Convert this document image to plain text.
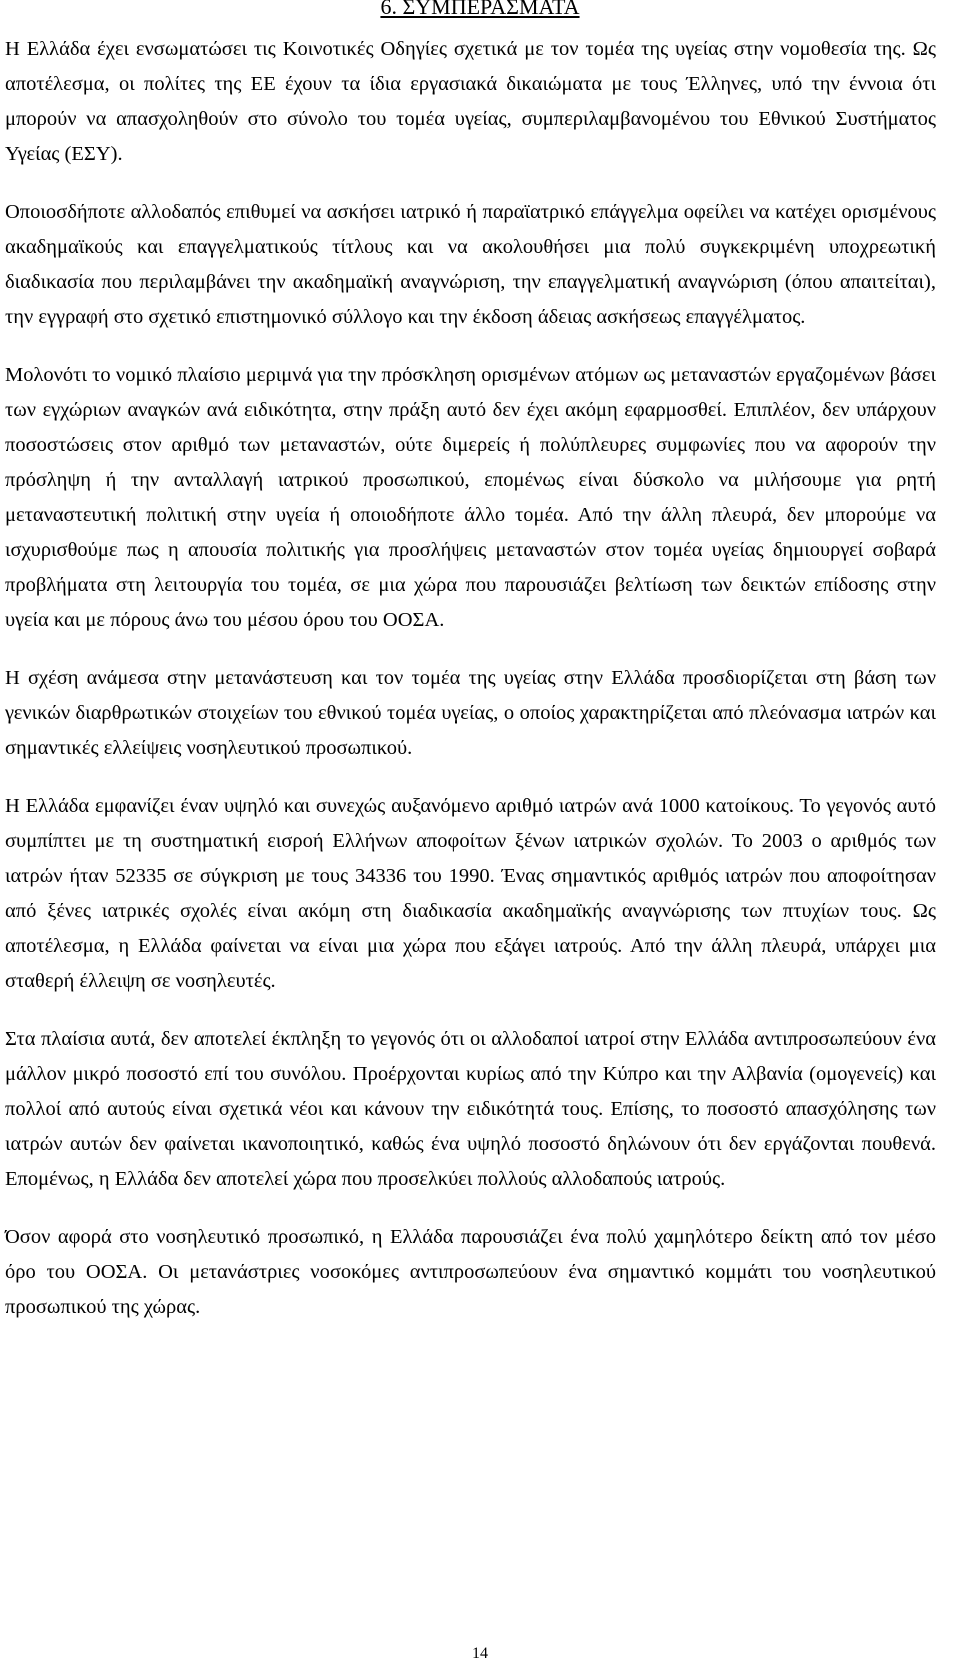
6. ΣΥΜΠΕΡΑΣΜΑΤΑ

Η Ελλάδα έχει ενσωματώσει τις Κοινοτικές Οδηγίες σχετικά με τον τομέα της υγείας στην νομοθεσία της. Ως αποτέλεσμα, οι πολίτες της ΕΕ έχουν τα ίδια εργασιακά δικαιώματα με τους Έλληνες, υπό την έννοια ότι μπορούν να απασχοληθούν στο σύνολο του τομέα υγείας, συμπεριλαμβανομένου του Εθνικού Συστήματος Υγείας (ΕΣΥ).

Οποιοσδήποτε αλλοδαπός επιθυμεί να ασκήσει ιατρικό ή παραϊατρικό επάγγελμα οφείλει να κατέχει ορισμένους ακαδημαϊκούς και επαγγελματικούς τίτλους και να ακολουθήσει μια πολύ συγκεκριμένη υποχρεωτική διαδικασία που περιλαμβάνει την ακαδημαϊκή αναγνώριση, την επαγγελματική αναγνώριση (όπου απαιτείται), την εγγραφή στο σχετικό επιστημονικό σύλλογο και την έκδοση άδειας ασκήσεως επαγγέλματος.

Μολονότι το νομικό πλαίσιο μεριμνά για την πρόσκληση ορισμένων ατόμων ως μεταναστών εργαζομένων βάσει των εγχώριων αναγκών ανά ειδικότητα, στην πράξη αυτό δεν έχει ακόμη εφαρμοσθεί. Επιπλέον, δεν υπάρχουν ποσοστώσεις στον αριθμό των μεταναστών, ούτε διμερείς ή πολύπλευρες συμφωνίες που να αφορούν την πρόσληψη ή την ανταλλαγή ιατρικού προσωπικού, επομένως είναι δύσκολο να μιλήσουμε για ρητή μεταναστευτική πολιτική στην υγεία ή οποιοδήποτε άλλο τομέα. Από την άλλη πλευρά, δεν μπορούμε να ισχυρισθούμε πως η απουσία πολιτικής για προσλήψεις μεταναστών στον τομέα υγείας δημιουργεί σοβαρά προβλήματα στη λειτουργία του τομέα, σε μια χώρα που παρουσιάζει βελτίωση των δεικτών επίδοσης στην υγεία και με πόρους άνω του μέσου όρου του ΟΟΣΑ.

Η σχέση ανάμεσα στην μετανάστευση και τον τομέα της υγείας στην Ελλάδα προσδιορίζεται στη βάση των γενικών διαρθρωτικών στοιχείων του εθνικού τομέα υγείας, ο οποίος χαρακτηρίζεται από πλεόνασμα ιατρών και σημαντικές ελλείψεις νοσηλευτικού προσωπικού.

Η Ελλάδα εμφανίζει έναν υψηλό και συνεχώς αυξανόμενο αριθμό ιατρών ανά 1000 κατοίκους. Το γεγονός αυτό συμπίπτει με τη συστηματική εισροή Ελλήνων αποφοίτων ξένων ιατρικών σχολών. Το 2003 ο αριθμός των ιατρών ήταν 52335 σε σύγκριση με τους 34336 του 1990. Ένας σημαντικός αριθμός ιατρών που αποφοίτησαν από ξένες ιατρικές σχολές είναι ακόμη στη διαδικασία ακαδημαϊκής αναγνώρισης των πτυχίων τους. Ως αποτέλεσμα, η Ελλάδα φαίνεται να είναι μια χώρα που εξάγει ιατρούς. Από την άλλη πλευρά, υπάρχει μια σταθερή έλλειψη σε νοσηλευτές.

Στα πλαίσια αυτά, δεν αποτελεί έκπληξη το γεγονός ότι οι αλλοδαποί ιατροί στην Ελλάδα αντιπροσωπεύουν ένα μάλλον μικρό ποσοστό επί του συνόλου. Προέρχονται κυρίως από την Κύπρο και την Αλβανία (ομογενείς) και πολλοί από αυτούς είναι σχετικά νέοι και κάνουν την ειδικότητά τους. Επίσης, το ποσοστό απασχόλησης των ιατρών αυτών δεν φαίνεται ικανοποιητικό, καθώς ένα υψηλό ποσοστό δηλώνουν ότι δεν εργάζονται πουθενά. Επομένως, η Ελλάδα δεν αποτελεί χώρα που προσελκύει πολλούς αλλοδαπούς ιατρούς.

Όσον αφορά στο νοσηλευτικό προσωπικό, η Ελλάδα παρουσιάζει ένα πολύ χαμηλότερο δείκτη από τον μέσο όρο του ΟΟΣΑ. Οι μετανάστριες νοσοκόμες αντιπροσωπεύουν ένα σημαντικό κομμάτι του νοσηλευτικού προσωπικού της χώρας.

14
